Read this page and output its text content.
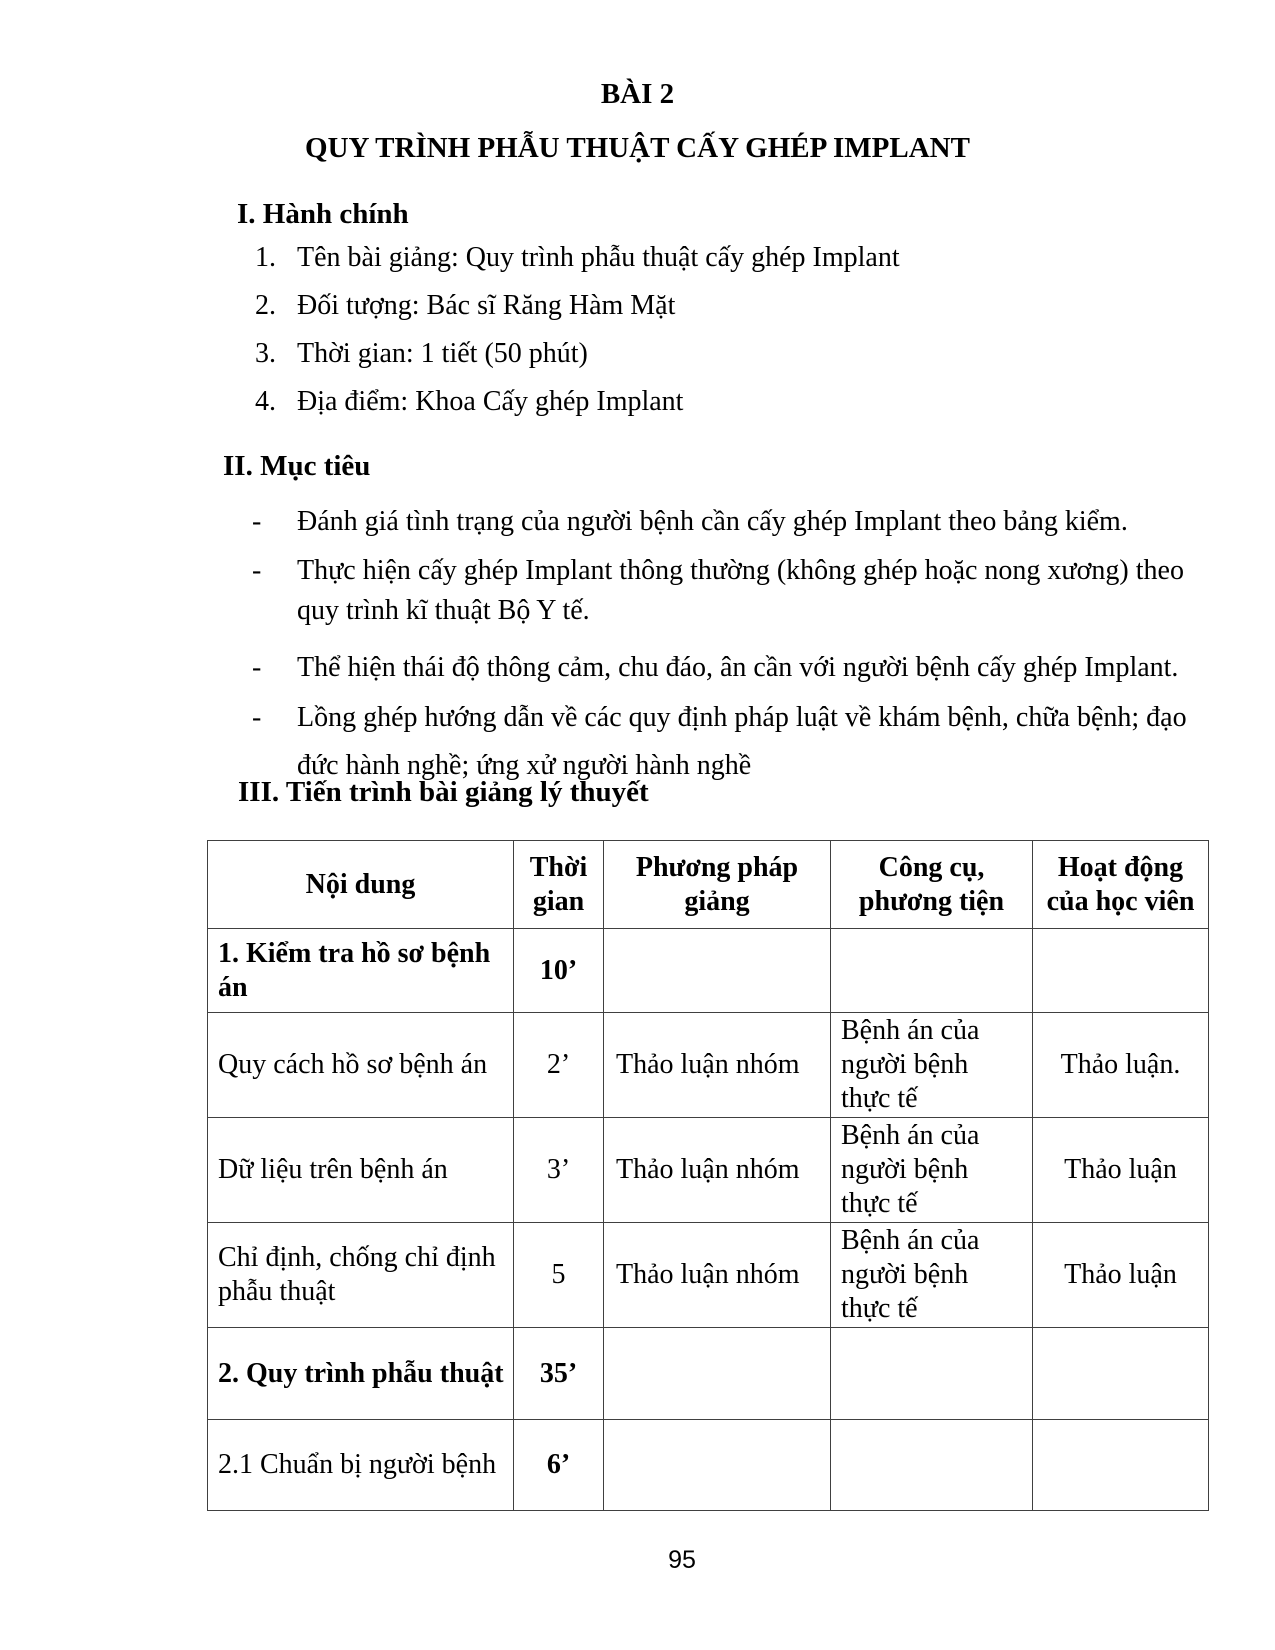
BÀI 2
QUY TRÌNH PHẪU THUẬT CẤY GHÉP IMPLANT
I. Hành chính
1. Tên bài giảng: Quy trình phẫu thuật cấy ghép Implant
2. Đối tượng: Bác sĩ Răng Hàm Mặt
3. Thời gian: 1 tiết (50 phút)
4. Địa điểm: Khoa Cấy ghép Implant
II. Mục tiêu
-	Đánh giá tình trạng của người bệnh cần cấy ghép Implant theo bảng kiểm.
-	Thực hiện cấy ghép Implant thông thường (không ghép hoặc nong xương) theo
quy trình kĩ thuật Bộ Y tế.
-	Thể hiện thái độ thông cảm, chu đáo, ân cần với người bệnh cấy ghép Implant.
-	Lồng ghép hướng dẫn về các quy định pháp luật về khám bệnh, chữa bệnh; đạo
đức hành nghề; ứng xử người hành nghề
III. Tiến trình bài giảng lý thuyết
Nội dung	Thời gian	Phương pháp giảng	Công cụ, phương tiện	Hoạt động của học viên
1. Kiểm tra hồ sơ bệnh án	10’			
Quy cách hồ sơ bệnh án	2’	Thảo luận nhóm	Bệnh án của người bệnh thực tế	Thảo luận.
Dữ liệu trên bệnh án	3’	Thảo luận nhóm	Bệnh án của người bệnh thực tế	Thảo luận
Chỉ định, chống chỉ định phẫu thuật	5	Thảo luận nhóm	Bệnh án của người bệnh thực tế	Thảo luận
2. Quy trình phẫu thuật	35’			
2.1 Chuẩn bị người bệnh	6’			
95
